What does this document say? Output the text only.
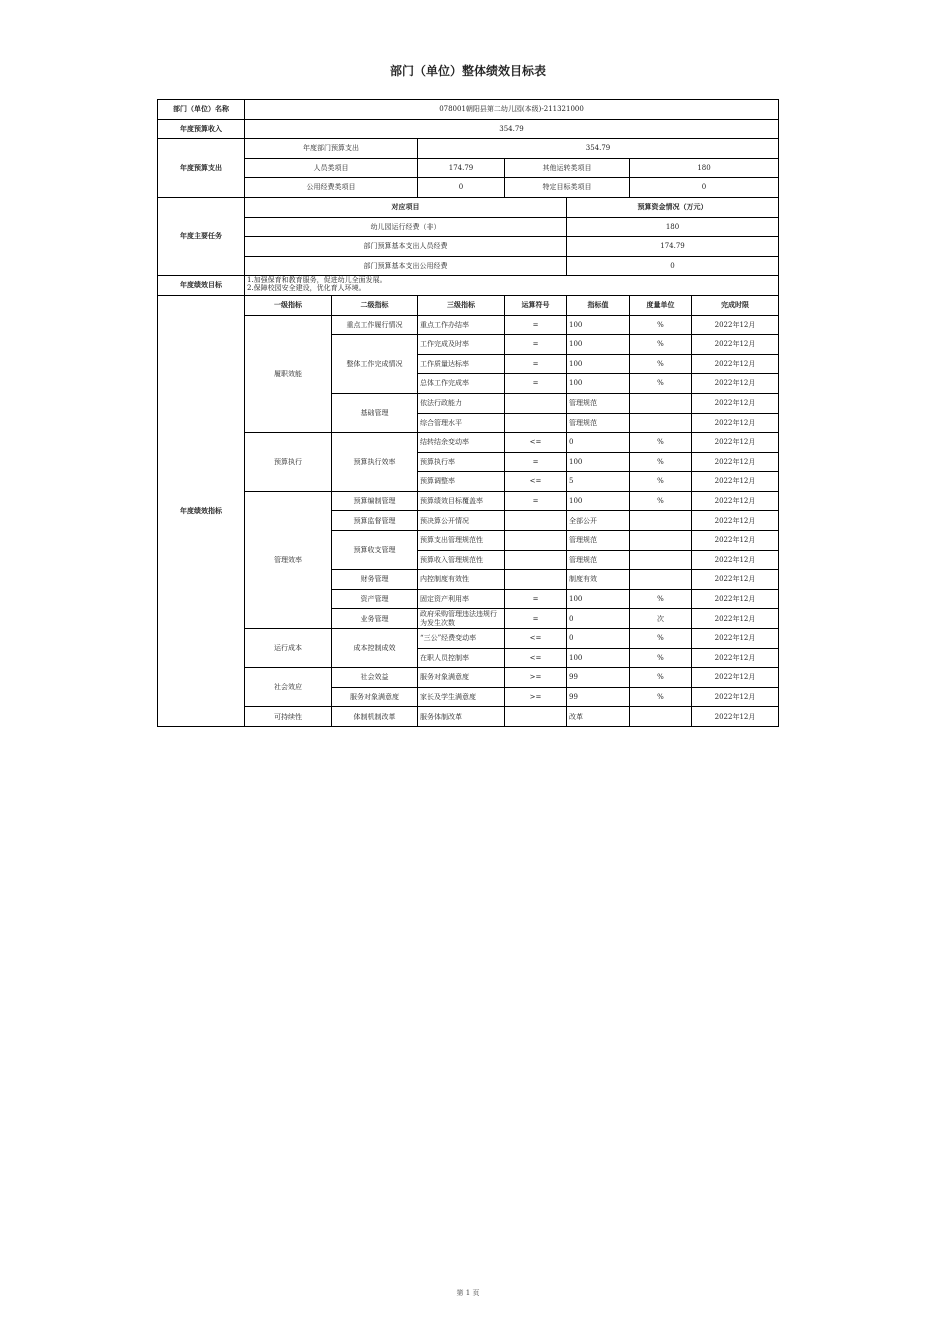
部门（单位）整体绩效目标表
部门（单位）名称	078001朝阳县第二幼儿园(本级)-211321000						
年度预算收入	354.79						
年度预算支出	年度部门预算支出		354.79				
	人员类项目		174.79	其他运转类项目		180	
	公用经费类项目		0	特定目标类项目		0	
年度主要任务	对应项目				预算资金情况（万元）		
	幼儿园运行经费（非）				180		
	部门预算基本支出人员经费				174.79		
	部门预算基本支出公用经费				0		
年度绩效目标	1.加强保育和教育服务，促进幼儿全面发展。
2.保障校园安全建设，优化育人环境。						

年度绩效指标	一级指标	二级指标	三级指标	运算符号	指标值	度量单位	完成时限
	履职效能	重点工作履行情况	重点工作办结率	=	100	%	2022年12月
		整体工作完成情况	工作完成及时率	=	100	%	2022年12月
			工作质量达标率	=	100	%	2022年12月
			总体工作完成率	=	100	%	2022年12月
		基础管理	依法行政能力		管理规范		2022年12月
			综合管理水平		管理规范		2022年12月
	预算执行	预算执行效率	结转结余变动率	<=	0	%	2022年12月
			预算执行率	=	100	%	2022年12月
			预算调整率	<=	5	%	2022年12月
	管理效率	预算编制管理	预算绩效目标覆盖率	=	100	%	2022年12月
		预算监督管理	预决算公开情况		全部公开		2022年12月
		预算收支管理	预算支出管理规范性		管理规范		2022年12月
			预算收入管理规范性		管理规范		2022年12月
		财务管理	内控制度有效性		制度有效		2022年12月
		资产管理	固定资产利用率	=	100	%	2022年12月
		业务管理	政府采购管理违法违规行为发生次数	=	0	次	2022年12月
	运行成本	成本控制成效	“三公”经费变动率	<=	0	%	2022年12月
			在职人员控制率	<=	100	%	2022年12月
	社会效应	社会效益	服务对象满意度	>=	99	%	2022年12月
		服务对象满意度	家长及学生满意度	>=	99	%	2022年12月
	可持续性	体制机制改革	服务体制改革		改革		2022年12月
第 1 页
